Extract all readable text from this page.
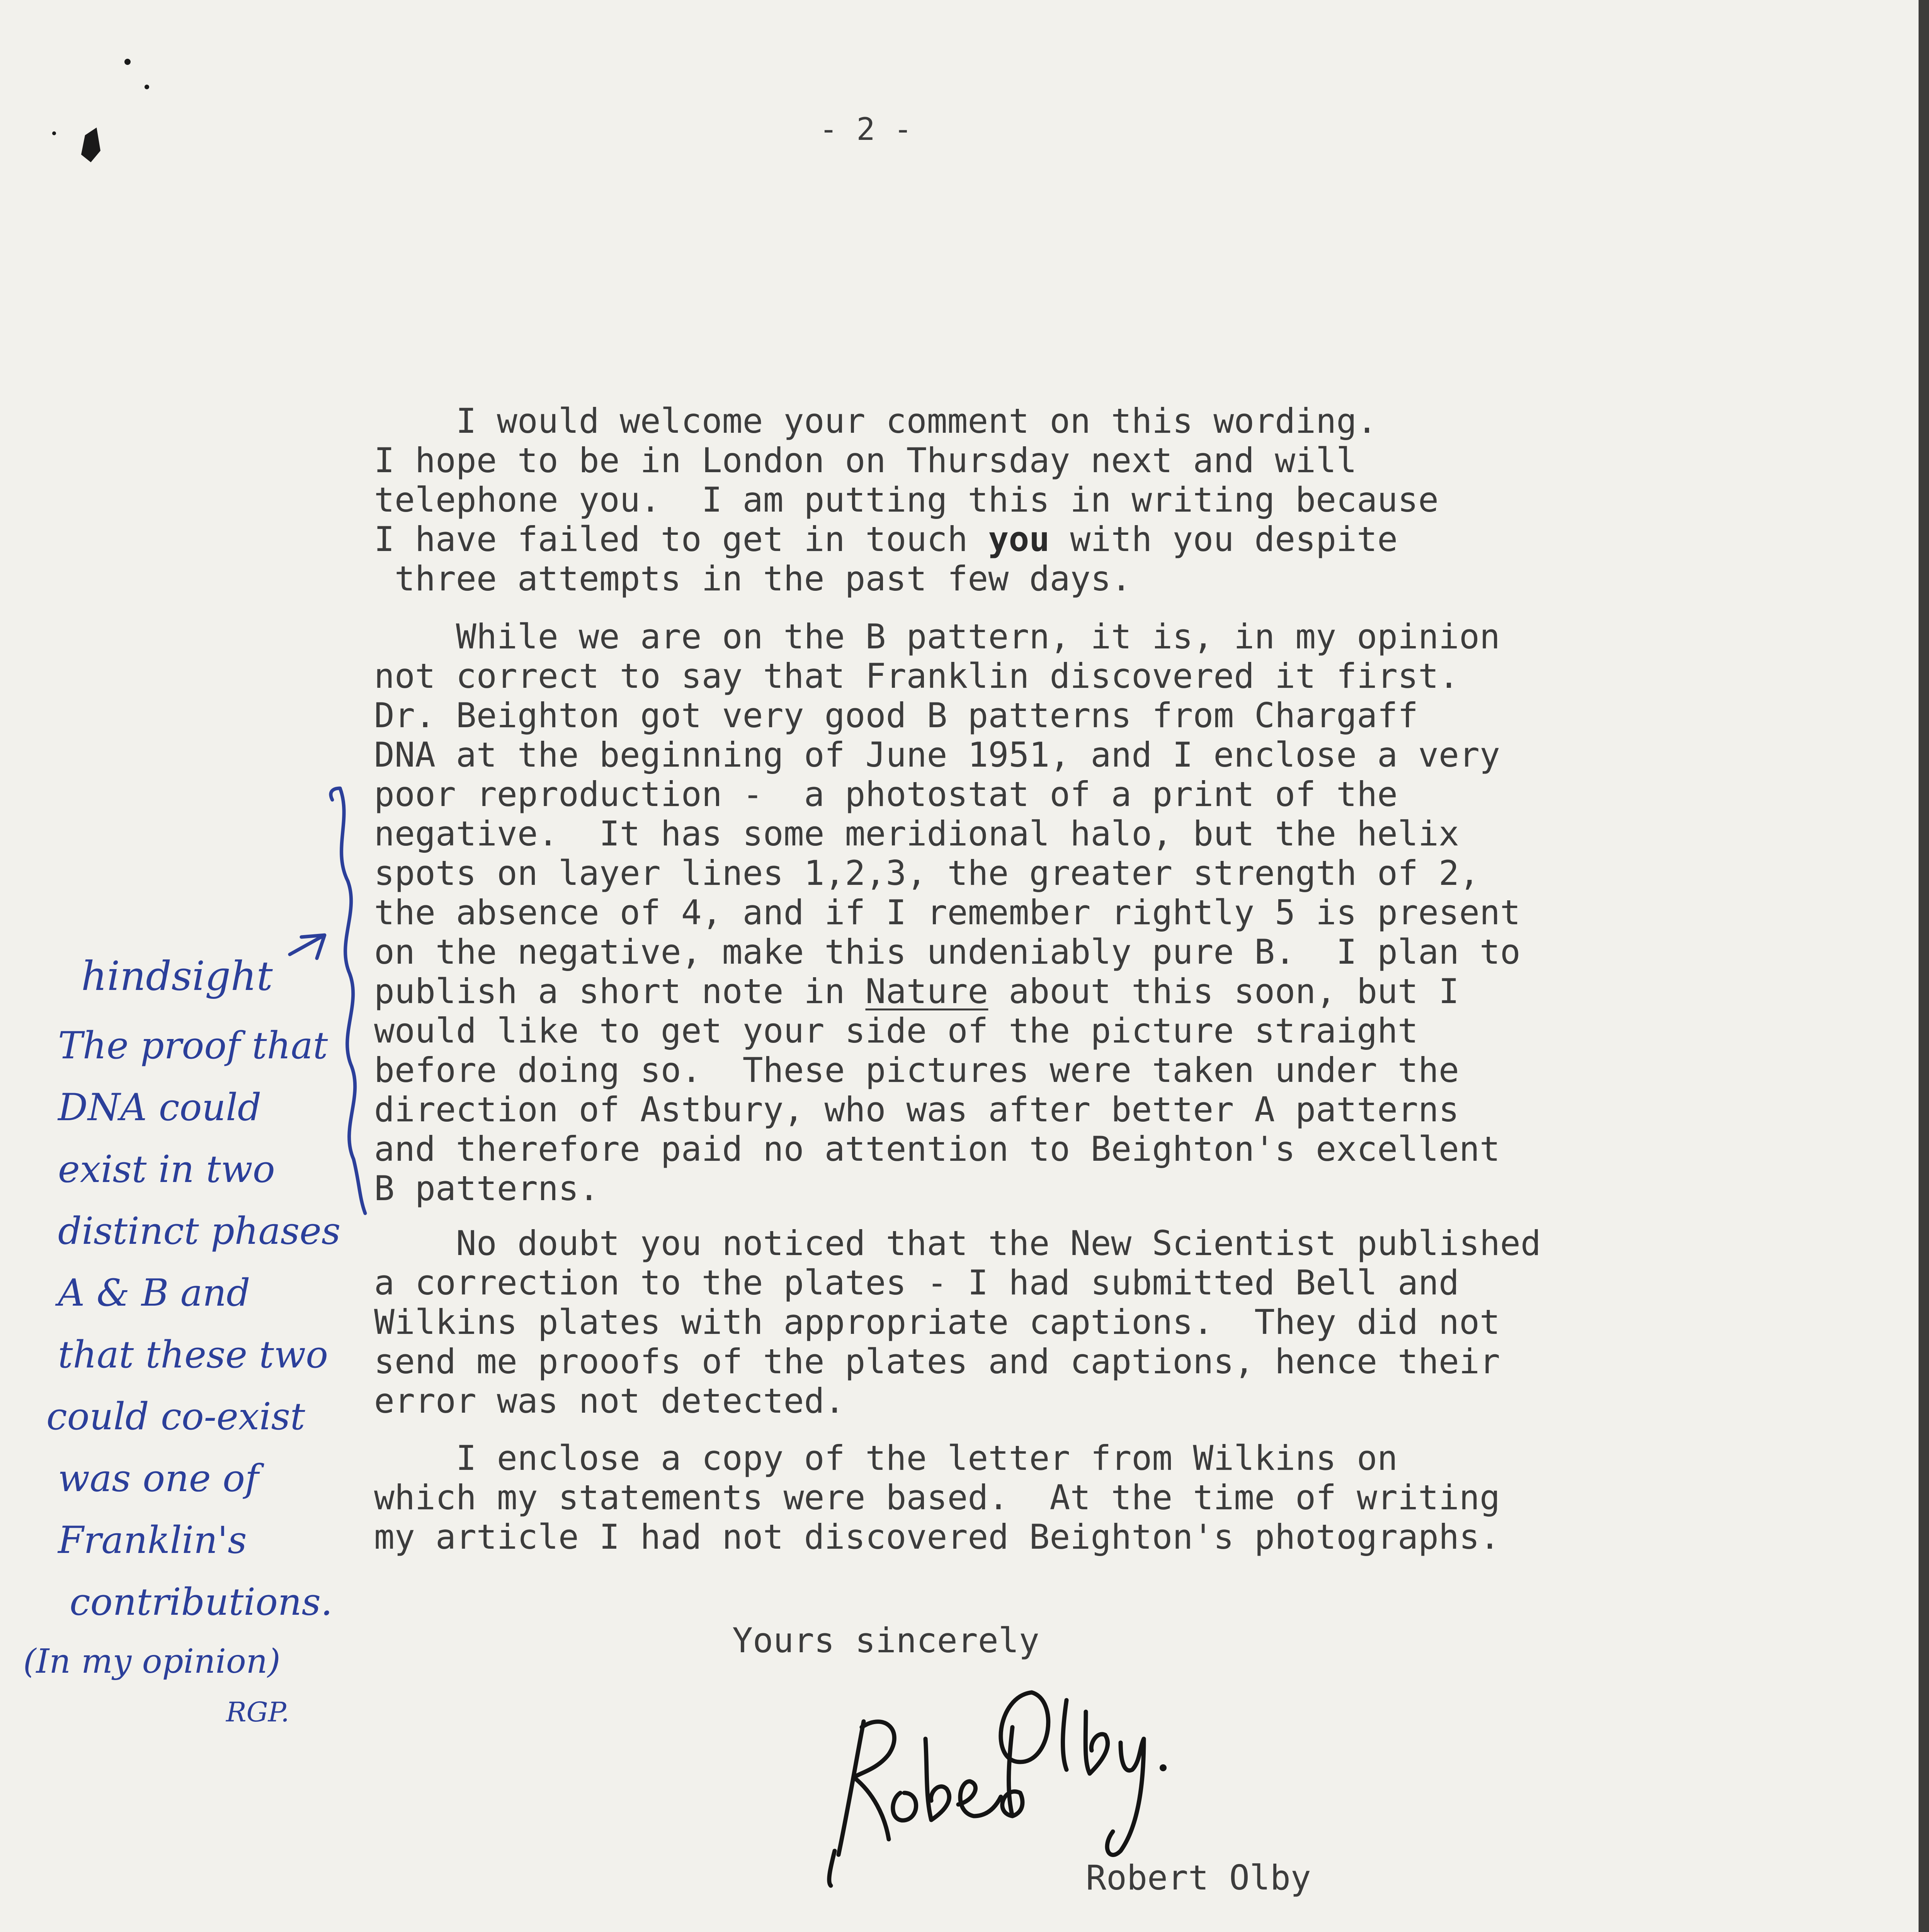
- 2 -
I would welcome your comment on this wording.
I hope to be in London on Thursday next and will
telephone you.  I am putting this in writing because
I have failed to get in touch you with you despite
three attempts in the past few days.
While we are on the B pattern, it is, in my opinion
not correct to say that Franklin discovered it first.
Dr. Beighton got very good B patterns from Chargaff
DNA at the beginning of June 1951, and I enclose a very
poor reproduction -  a photostat of a print of the
negative.  It has some meridional halo, but the helix
spots on layer lines 1,2,3, the greater strength of 2,
the absence of 4, and if I remember rightly 5 is present
on the negative, make this undeniably pure B.  I plan to
publish a short note in Nature about this soon, but I
would like to get your side of the picture straight
before doing so.  These pictures were taken under the
direction of Astbury, who was after better A patterns
and therefore paid no attention to Beighton's excellent
B patterns.
No doubt you noticed that the New Scientist published
a correction to the plates - I had submitted Bell and
Wilkins plates with appropriate captions.  They did not
send me prooofs of the plates and captions, hence their
error was not detected.
I enclose a copy of the letter from Wilkins on
which my statements were based.  At the time of writing
my article I had not discovered Beighton's photographs.
Yours sincerely
Robert Olby
hindsight
The proof that
DNA could
exist in two
distinct phases
A & B and
that these two
could co-exist
was one of
Franklin's
contributions.
(In my opinion)
RGP.
